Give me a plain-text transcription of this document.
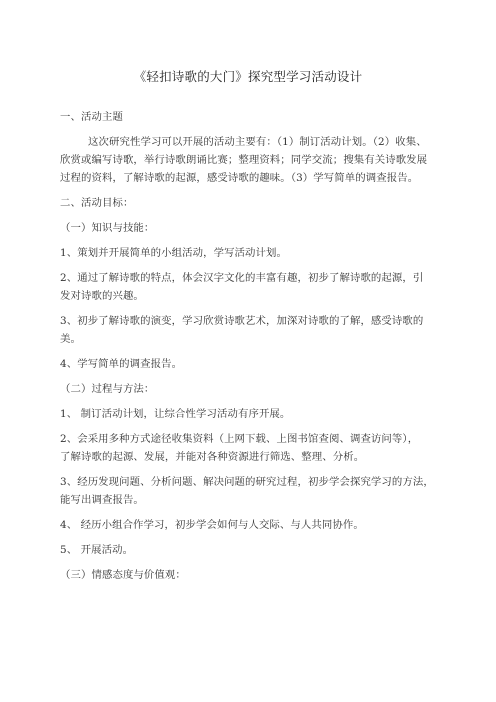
《轻扣诗歌的大门》探究型学习活动设计
一、活动主题
这次研究性学习可以开展的活动主要有：（1）制订活动计划。（2）收集、
欣赏或编写诗歌，举行诗歌朗诵比赛；整理资料；同学交流；搜集有关诗歌发展
过程的资料，了解诗歌的起源，感受诗歌的趣味。（3）学写简单的调查报告。
二、活动目标：
（一）知识与技能：
1、策划并开展简单的小组活动，学写活动计划。
2、通过了解诗歌的特点，体会汉字文化的丰富有趣，初步了解诗歌的起源，引
发对诗歌的兴趣。
3、初步了解诗歌的演变，学习欣赏诗歌艺术，加深对诗歌的了解，感受诗歌的
美。
4、学写简单的调查报告。
（二）过程与方法：
1、 制订活动计划，让综合性学习活动有序开展。
2、会采用多种方式途径收集资料（上网下载、上图书馆查阅、调查访问等），
了解诗歌的起源、发展，并能对各种资源进行筛选、整理、分析。
3、经历发现问题、分析问题、解决问题的研究过程，初步学会探究学习的方法，
能写出调查报告。
4、 经历小组合作学习，初步学会如何与人交际、与人共同协作。
5、 开展活动。
（三）情感态度与价值观：
